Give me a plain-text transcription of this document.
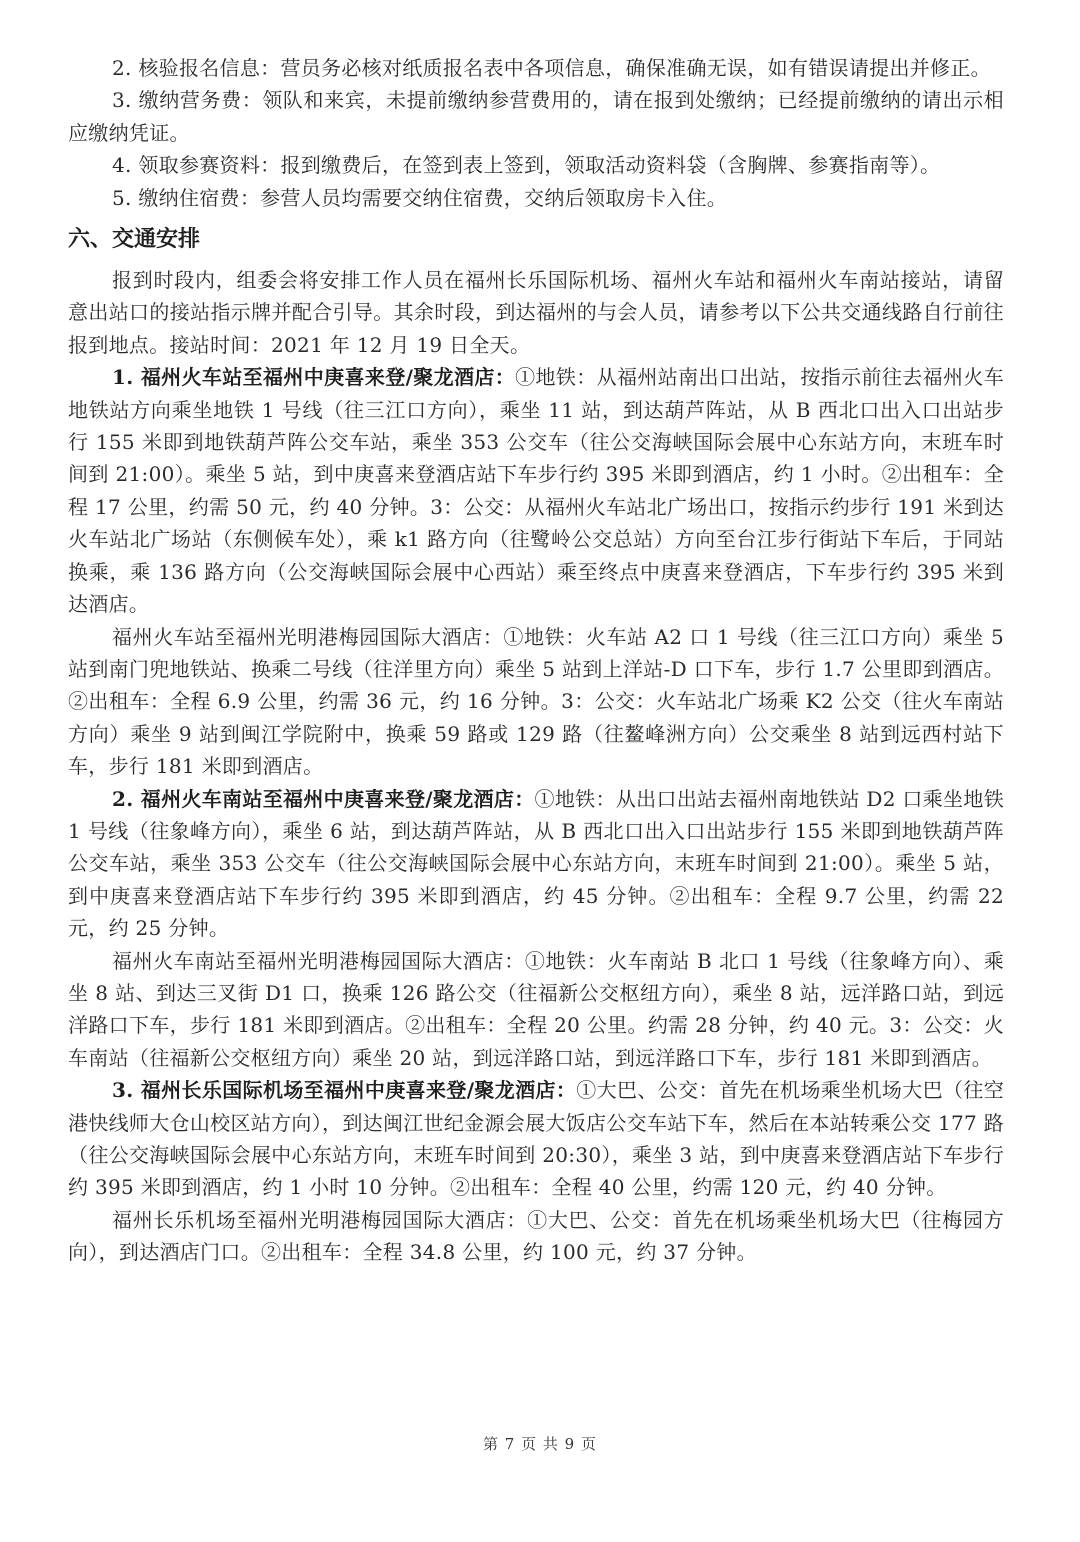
2. 核验报名信息：营员务必核对纸质报名表中各项信息，确保准确无误，如有错误请提出并修正。

3. 缴纳营务费：领队和来宾，未提前缴纳参营费用的，请在报到处缴纳；已经提前缴纳的请出示相应缴纳凭证。

4. 领取参赛资料：报到缴费后，在签到表上签到，领取活动资料袋（含胸牌、参赛指南等）。

5. 缴纳住宿费：参营人员均需要交纳住宿费，交纳后领取房卡入住。

六、交通安排

报到时段内，组委会将安排工作人员在福州长乐国际机场、福州火车站和福州火车南站接站，请留意出站口的接站指示牌并配合引导。其余时段，到达福州的与会人员，请参考以下公共交通线路自行前往报到地点。接站时间：2021 年 12 月 19 日全天。

1. 福州火车站至福州中庚喜来登/聚龙酒店：①地铁：从福州站南出口出站，按指示前往去福州火车地铁站方向乘坐地铁 1 号线（往三江口方向），乘坐 11 站，到达葫芦阵站，从 B 西北口出入口出站步行 155 米即到地铁葫芦阵公交车站，乘坐 353 公交车（往公交海峡国际会展中心东站方向，末班车时间到 21:00）。乘坐 5 站，到中庚喜来登酒店站下车步行约 395 米即到酒店，约 1 小时。②出租车：全程 17 公里，约需 50 元，约 40 分钟。3：公交：从福州火车站北广场出口，按指示约步行 191 米到达火车站北广场站（东侧候车处），乘 k1 路方向（往鹭岭公交总站）方向至台江步行街站下车后，于同站换乘，乘 136 路方向（公交海峡国际会展中心西站）乘至终点中庚喜来登酒店，下车步行约 395 米到达酒店。

福州火车站至福州光明港梅园国际大酒店：①地铁：火车站 A2 口 1 号线（往三江口方向）乘坐 5 站到南门兜地铁站、换乘二号线（往洋里方向）乘坐 5 站到上洋站-D 口下车，步行 1.7 公里即到酒店。②出租车：全程 6.9 公里，约需 36 元，约 16 分钟。3：公交：火车站北广场乘 K2 公交（往火车南站方向）乘坐 9 站到闽江学院附中，换乘 59 路或 129 路（往鳌峰洲方向）公交乘坐 8 站到远西村站下车，步行 181 米即到酒店。

2. 福州火车南站至福州中庚喜来登/聚龙酒店：①地铁：从出口出站去福州南地铁站 D2 口乘坐地铁 1 号线（往象峰方向），乘坐 6 站，到达葫芦阵站，从 B 西北口出入口出站步行 155 米即到地铁葫芦阵公交车站，乘坐 353 公交车（往公交海峡国际会展中心东站方向，末班车时间到 21:00）。乘坐 5 站，到中庚喜来登酒店站下车步行约 395 米即到酒店，约 45 分钟。②出租车：全程 9.7 公里，约需 22 元，约 25 分钟。

福州火车南站至福州光明港梅园国际大酒店：①地铁：火车南站 B 北口 1 号线（往象峰方向）、乘坐 8 站、到达三叉街 D1 口，换乘 126 路公交（往福新公交枢纽方向），乘坐 8 站，远洋路口站，到远洋路口下车，步行 181 米即到酒店。②出租车：全程 20 公里。约需 28 分钟，约 40 元。3：公交：火车南站（往福新公交枢纽方向）乘坐 20 站，到远洋路口站，到远洋路口下车，步行 181 米即到酒店。

3. 福州长乐国际机场至福州中庚喜来登/聚龙酒店：①大巴、公交：首先在机场乘坐机场大巴（往空港快线师大仓山校区站方向），到达闽江世纪金源会展大饭店公交车站下车，然后在本站转乘公交 177 路（往公交海峡国际会展中心东站方向，末班车时间到 20:30），乘坐 3 站，到中庚喜来登酒店站下车步行约 395 米即到酒店，约 1 小时 10 分钟。②出租车：全程 40 公里，约需 120 元，约 40 分钟。

福州长乐机场至福州光明港梅园国际大酒店：①大巴、公交：首先在机场乘坐机场大巴（往梅园方向），到达酒店门口。②出租车：全程 34.8 公里，约 100 元，约 37 分钟。

第 7 页 共 9 页
